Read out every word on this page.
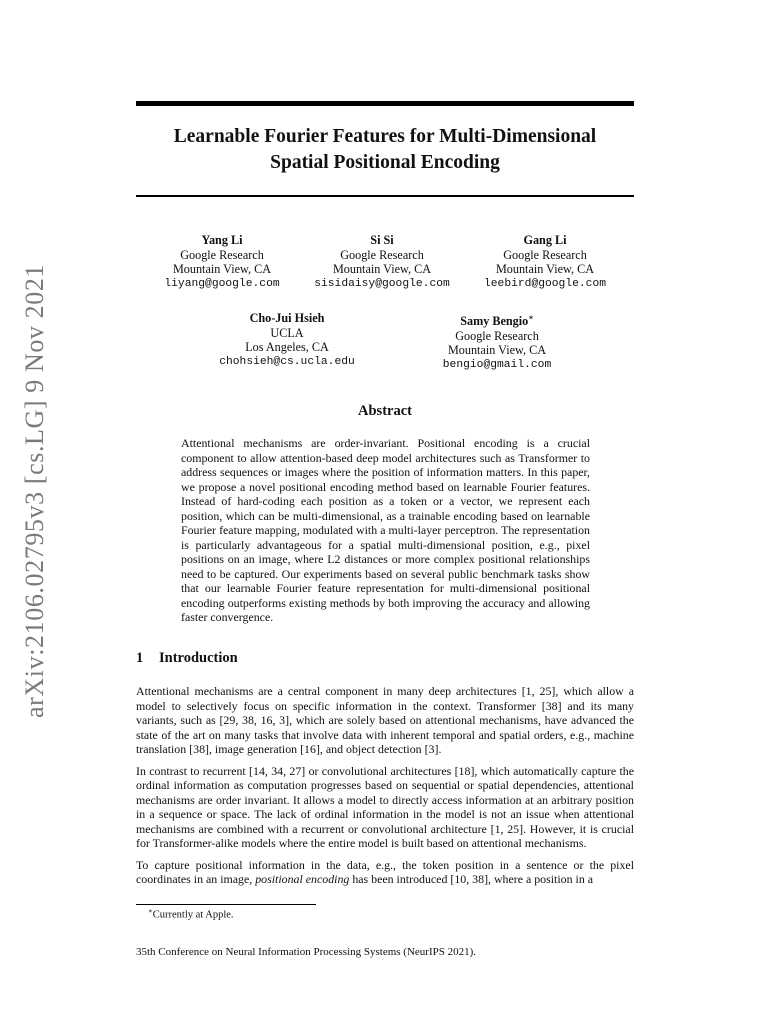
arXiv:2106.02795v3 [cs.LG] 9 Nov 2021
Learnable Fourier Features for Multi-Dimensional
Spatial Positional Encoding
Yang Li
Google Research
Mountain View, CA
liyang@google.com
Si Si
Google Research
Mountain View, CA
sisidaisy@google.com
Gang Li
Google Research
Mountain View, CA
leebird@google.com
Cho-Jui Hsieh
UCLA
Los Angeles, CA
chohsieh@cs.ucla.edu
Samy Bengio∗
Google Research
Mountain View, CA
bengio@gmail.com
Abstract
Attentional mechanisms are order-invariant. Positional encoding is a crucial component to allow attention-based deep model architectures such as Transformer to address sequences or images where the position of information matters. In this paper, we propose a novel positional encoding method based on learnable Fourier features. Instead of hard-coding each position as a token or a vector, we represent each position, which can be multi-dimensional, as a trainable encoding based on learnable Fourier feature mapping, modulated with a multi-layer perceptron. The representation is particularly advantageous for a spatial multi-dimensional position, e.g., pixel positions on an image, where L2 distances or more complex positional relationships need to be captured. Our experiments based on several public benchmark tasks show that our learnable Fourier feature representation for multi-dimensional positional encoding outperforms existing methods by both improving the accuracy and allowing faster convergence.
1 Introduction

Attentional mechanisms are a central component in many deep architectures [1, 25], which allow a model to selectively focus on specific information in the context. Transformer [38] and its many variants, such as [29, 38, 16, 3], which are solely based on attentional mechanisms, have advanced the state of the art on many tasks that involve data with inherent temporal and spatial orders, e.g., machine translation [38], image generation [16], and object detection [3].

In contrast to recurrent [14, 34, 27] or convolutional architectures [18], which automatically capture the ordinal information as computation progresses based on sequential or spatial dependencies, attentional mechanisms are order invariant. It allows a model to directly access information at an arbitrary position in a sequence or space. The lack of ordinal information in the model is not an issue when attentional mechanisms are combined with a recurrent or convolutional architecture [1, 25]. However, it is crucial for Transformer-alike models where the entire model is built based on attentional mechanisms.

To capture positional information in the data, e.g., the token position in a sentence or the pixel coordinates in an image, positional encoding has been introduced [10, 38], where a position in a

∗Currently at Apple.
35th Conference on Neural Information Processing Systems (NeurIPS 2021).
